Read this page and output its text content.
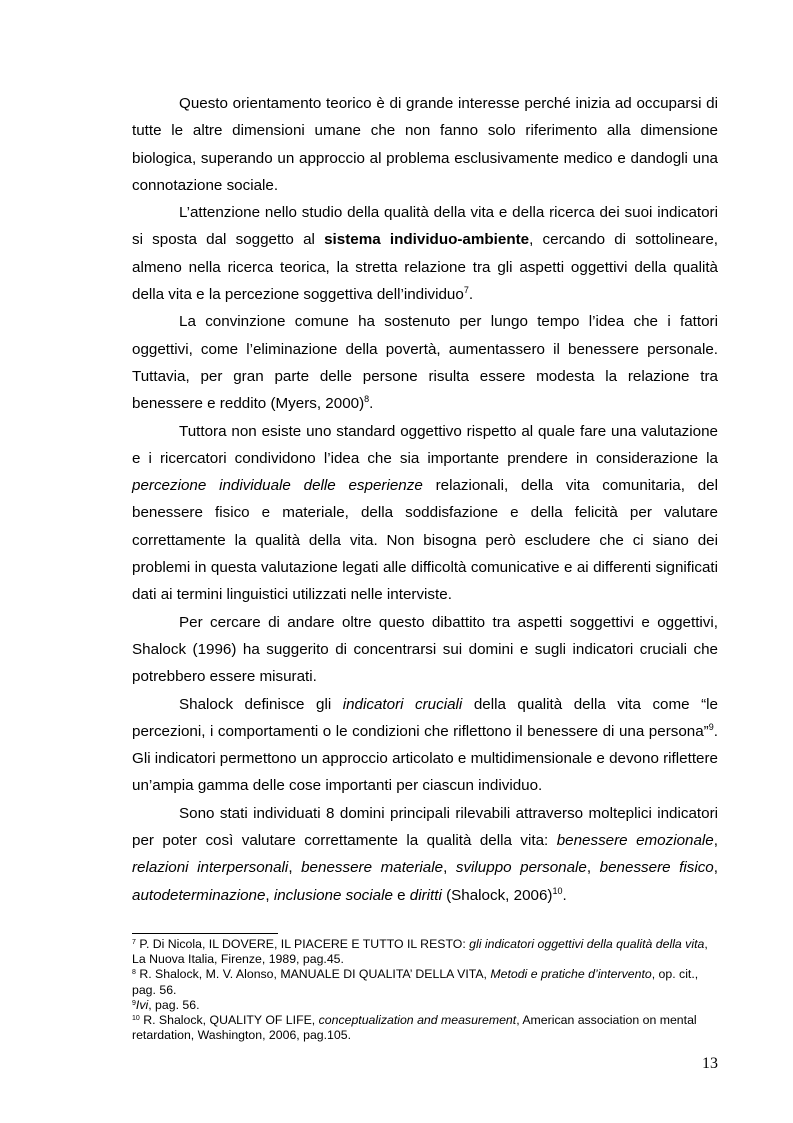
Questo orientamento teorico è di grande interesse perché inizia ad occuparsi di tutte le altre dimensioni umane che non fanno solo riferimento alla dimensione biologica, superando un approccio al problema esclusivamente medico e dandogli una connotazione sociale.

L’attenzione nello studio della qualità della vita e della ricerca dei suoi indicatori si sposta dal soggetto al sistema individuo-ambiente, cercando di sottolineare, almeno nella ricerca teorica, la stretta relazione tra gli aspetti oggettivi della qualità della vita e la percezione soggettiva dell’individuo$^7$.

La convinzione comune ha sostenuto per lungo tempo l’idea che i fattori oggettivi, come l’eliminazione della povertà, aumentassero il benessere personale. Tuttavia, per gran parte delle persone risulta essere modesta la relazione tra benessere e reddito (Myers, 2000)$^8$.

Tuttora non esiste uno standard oggettivo rispetto al quale fare una valutazione e i ricercatori condividono l’idea che sia importante prendere in considerazione la percezione individuale delle esperienze relazionali, della vita comunitaria, del benessere fisico e materiale, della soddisfazione e della felicità per valutare correttamente la qualità della vita. Non bisogna però escludere che ci siano dei problemi in questa valutazione legati alle difficoltà comunicative e ai differenti significati dati ai termini linguistici utilizzati nelle interviste.

Per cercare di andare oltre questo dibattito tra aspetti soggettivi e oggettivi, Shalock (1996) ha suggerito di concentrarsi sui domini e sugli indicatori cruciali che potrebbero essere misurati.

Shalock definisce gli indicatori cruciali della qualità della vita come “le percezioni, i comportamenti o le condizioni che riflettono il benessere di una persona”$^9$. Gli indicatori permettono un approccio articolato e multidimensionale e devono riflettere un’ampia gamma delle cose importanti per ciascun individuo.

Sono stati individuati 8 domini principali rilevabili attraverso molteplici indicatori per poter così valutare correttamente la qualità della vita: benessere emozionale, relazioni interpersonali, benessere materiale, sviluppo personale, benessere fisico, autodeterminazione, inclusione sociale e diritti (Shalock, 2006)$^{10}$.

$^7$ P. Di Nicola, IL DOVERE, IL PIACERE E TUTTO IL RESTO: gli indicatori oggettivi della qualità della vita, La Nuova Italia, Firenze, 1989, pag.45.

$^8$ R. Shalock, M. V. Alonso, MANUALE DI QUALITA’ DELLA VITA, Metodi e pratiche d’intervento, op. cit., pag. 56.

$^9$Ivi, pag. 56.

$^{10}$ R. Shalock, QUALITY OF LIFE, conceptualization and measurement, American association on mental retardation, Washington, 2006, pag.105.

13
